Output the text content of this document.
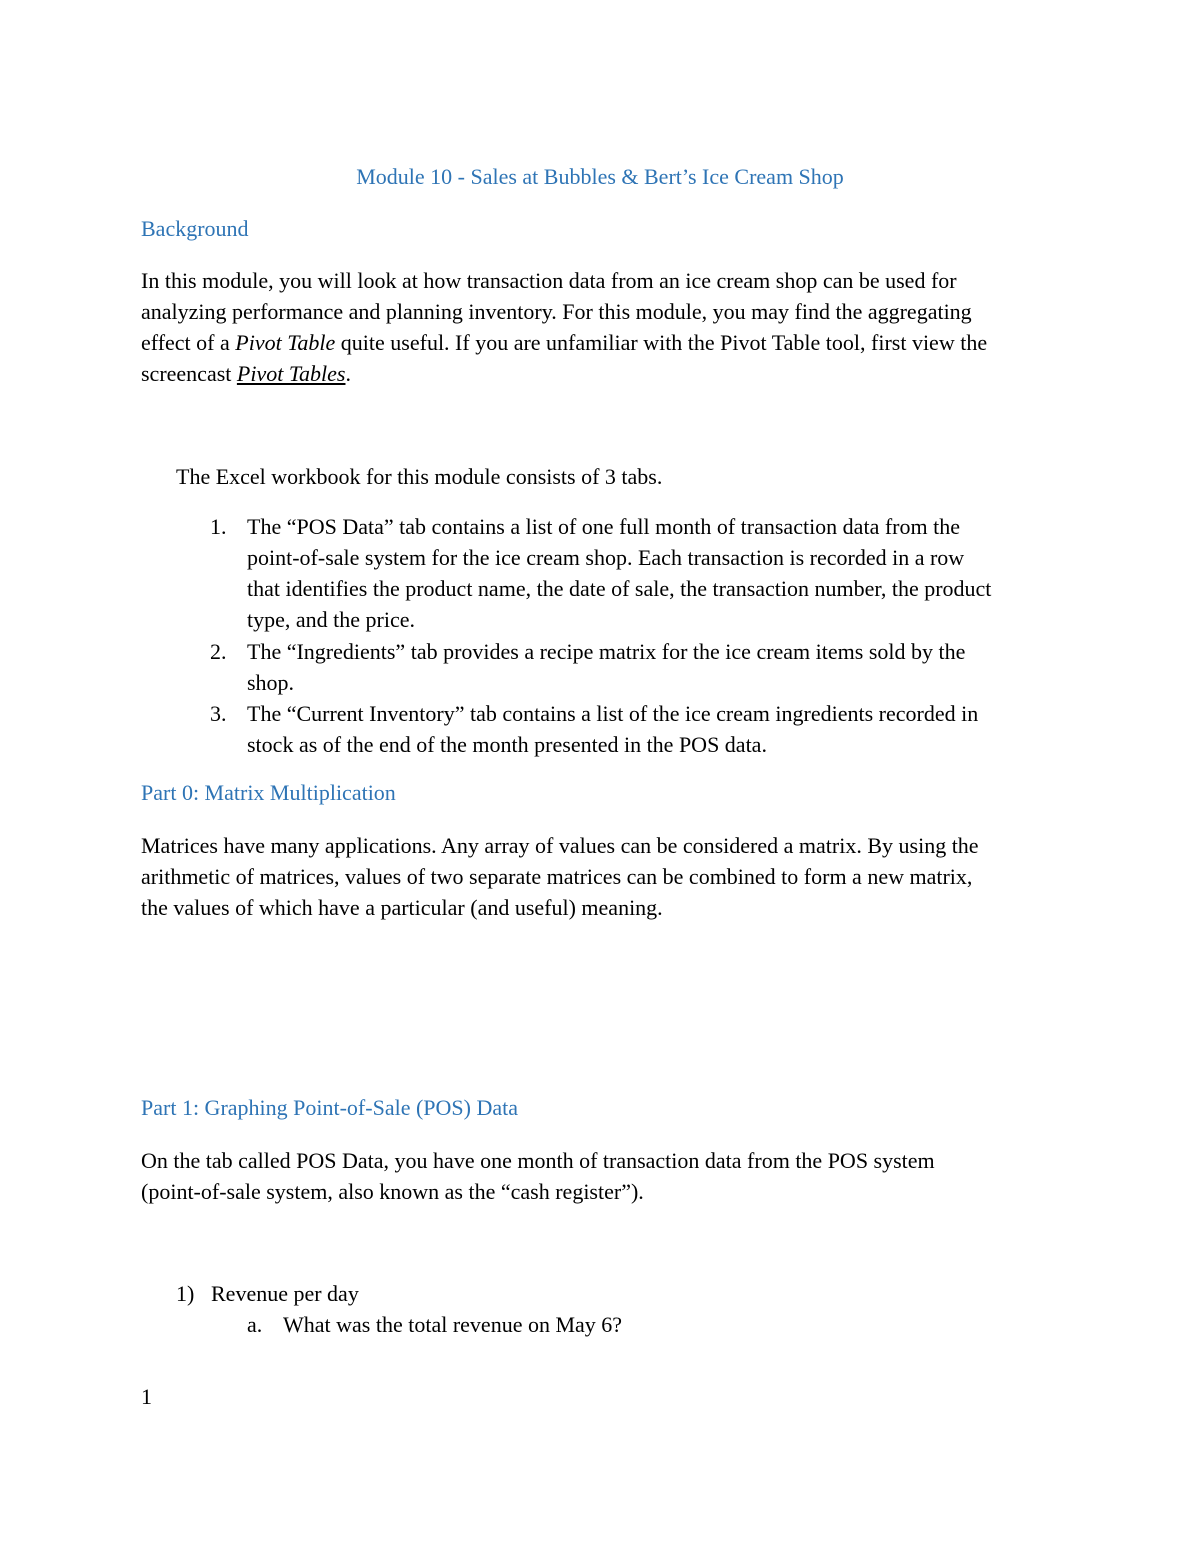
Module 10 - Sales at Bubbles & Bert’s Ice Cream Shop

Background

In this module, you will look at how transaction data from an ice cream shop can be used for
analyzing performance and planning inventory. For this module, you may find the aggregating
effect of a Pivot Table quite useful. If you are unfamiliar with the Pivot Table tool, first view the
screencast Pivot Tables.

The Excel workbook for this module consists of 3 tabs.

1. The “POS Data” tab contains a list of one full month of transaction data from the
point-of-sale system for the ice cream shop. Each transaction is recorded in a row
that identifies the product name, the date of sale, the transaction number, the product
type, and the price.
2. The “Ingredients” tab provides a recipe matrix for the ice cream items sold by the
shop.
3. The “Current Inventory” tab contains a list of the ice cream ingredients recorded in
stock as of the end of the month presented in the POS data.

Part 0: Matrix Multiplication

Matrices have many applications. Any array of values can be considered a matrix. By using the
arithmetic of matrices, values of two separate matrices can be combined to form a new matrix,
the values of which have a particular (and useful) meaning.

Part 1: Graphing Point-of-Sale (POS) Data

On the tab called POS Data, you have one month of transaction data from the POS system
(point-of-sale system, also known as the “cash register”).
1) Revenue per day
a. What was the total revenue on May 6?

1
